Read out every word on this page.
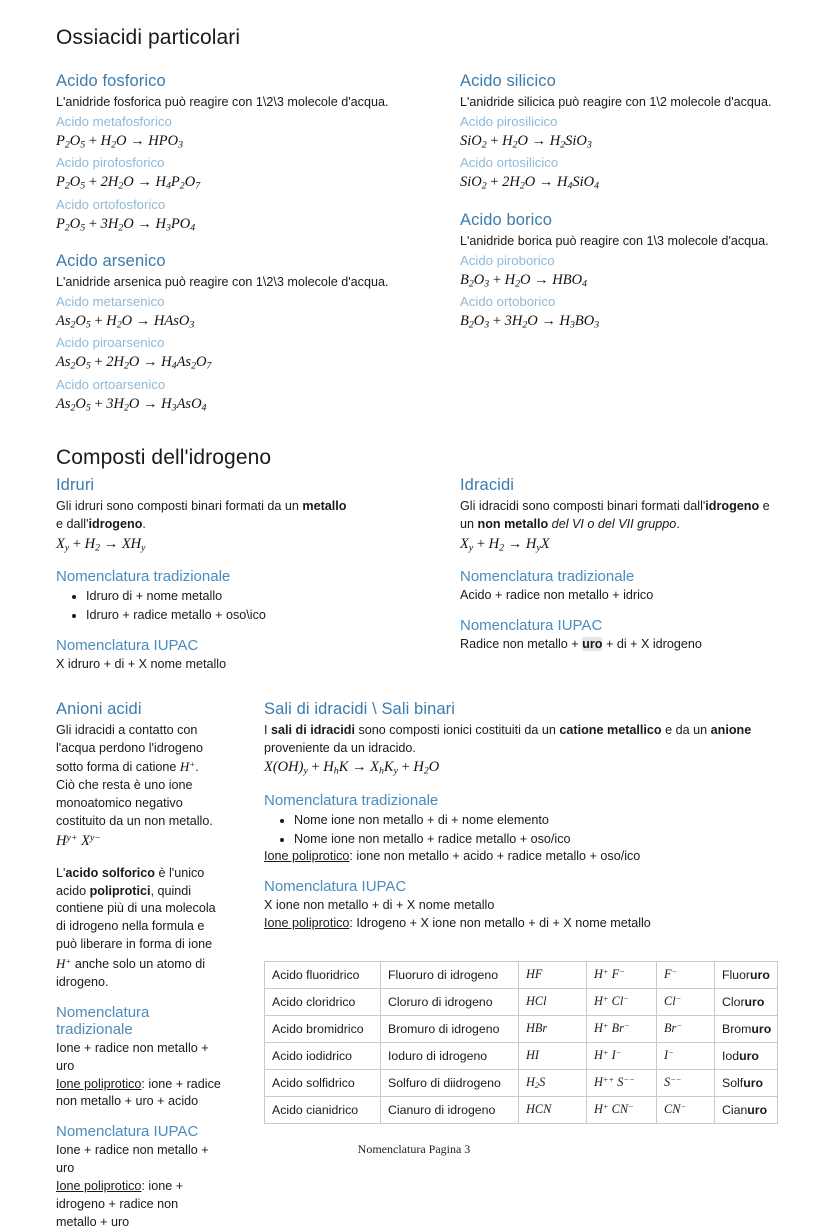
Ossiacidi particolari
Acido fosforico

L'anidride fosforica può reagire con 1\2\3 molecole d'acqua.

Acido metafosforico
$P_2O_5 + H_2O \to HPO_3$
Acido pirofosforico
$P_2O_5 + 2H_2O \to H_4P_2O_7$
Acido ortofosforico
$P_2O_5 + 3H_2O \to H_3PO_4$
Acido arsenico

L'anidride arsenica può reagire con 1\2\3 molecole d'acqua.

Acido metarsenico
$As_2O_5 + H_2O$ → HAsO$_3$
Acido piroarsenico
$As_2O_5 + 2H_2O \to H_4As_2O_7$
Acido ortoarsenico
$As_2O_5 + 3H_2O \to H_3AsO_4$
Acido silicico

L'anidride silicica può reagire con 1\2 molecole d'acqua.

Acido pirosilicico
$SiO_2 + H_2O \to H_2SiO_3$
Acido ortosilicico
$SiO_2 + 2H_2O \to H_4SiO_4$
Acido borico

L'anidride borica può reagire con 1\3 molecole d'acqua.

Acido piroborico
$B_2O_3 + H_2O \to HBO_4$
Acido ortoborico
$B_2O_3 + 3H_2O \to H_3BO_3$
Composti dell'idrogeno
Idruri

Gli idruri sono composti binari formati da un metallo
e dall'idrogeno.

$X_y + H_2 \to XH_y$
Nomenclatura tradizionale
• Idruro di + nome metallo
• Idruro + radice metallo + oso\ico
Nomenclatura IUPAC

X idruro + di + X nome metallo

Idracidi

Gli idracidi sono composti binari formati dall'idrogeno e un non metallo del VI o del VII gruppo.

$X_y + H_2 \to H_yX$
Nomenclatura tradizionale

Acido + radice non metallo + idrico

Nomenclatura IUPAC

Radice non metallo + uro + di + X idrogeno

Anioni acidi

Gli idracidi a contatto con l'acqua perdono l'idrogeno sotto forma di catione H+.

Ciò che resta è uno ione monoatomico negativo costituito da un non metallo.

$H^{y+}$ $X^{y-}$

L'acido solforico è l'unico acido poliprotici, quindi contiene più di una molecola di idrogeno nella formula e può liberare in forma di ione H+ anche solo un atomo di idrogeno.

Nomenclatura tradizionale

Ione + radice non metallo + uro

Ione poliprotico: ione + radice non metallo + uro + acido

Nomenclatura IUPAC

Ione + radice non metallo + uro

Ione poliprotico: ione + idrogeno + radice non metallo + uro

Sali di idracidi \ Sali binari

I sali di idracidi sono composti ionici costituiti da un catione metallico e da un anione proveniente da un idracido.

$X(OH)_y + H_hK \to X_hK_y + H_2O$
Nomenclatura tradizionale
• Nome ione non metallo + di + nome elemento
• Nome ione non metallo + radice metallo + oso/ico

Ione poliprotico: ione non metallo + acido + radice metallo + oso/ico

Nomenclatura IUPAC

X ione non metallo + di + X nome metallo

Ione poliprotico: Idrogeno + X ione non metallo + di + X nome metallo

Acido fluoridrico	Fluoruro di idrogeno	HF	H+ F−	F−	Fluoruro
Acido cloridrico	Cloruro di idrogeno	HCl	H+ Cl−	Cl−	Cloruro
Acido bromidrico	Bromuro di idrogeno	HBr	H+ Br−	Br−	Bromuro
Acido iodidrico	Ioduro di idrogeno	HI	H+ I−	I−	Ioduro
Acido solfidrico	Solfuro di diidrogeno	$H_2S$	H++ S−−	S−−	Solfuro
Acido cianidrico	Cianuro di idrogeno	HCN	H+ CN−	CN−	Cianuro
Nomenclatura Pagina 3
